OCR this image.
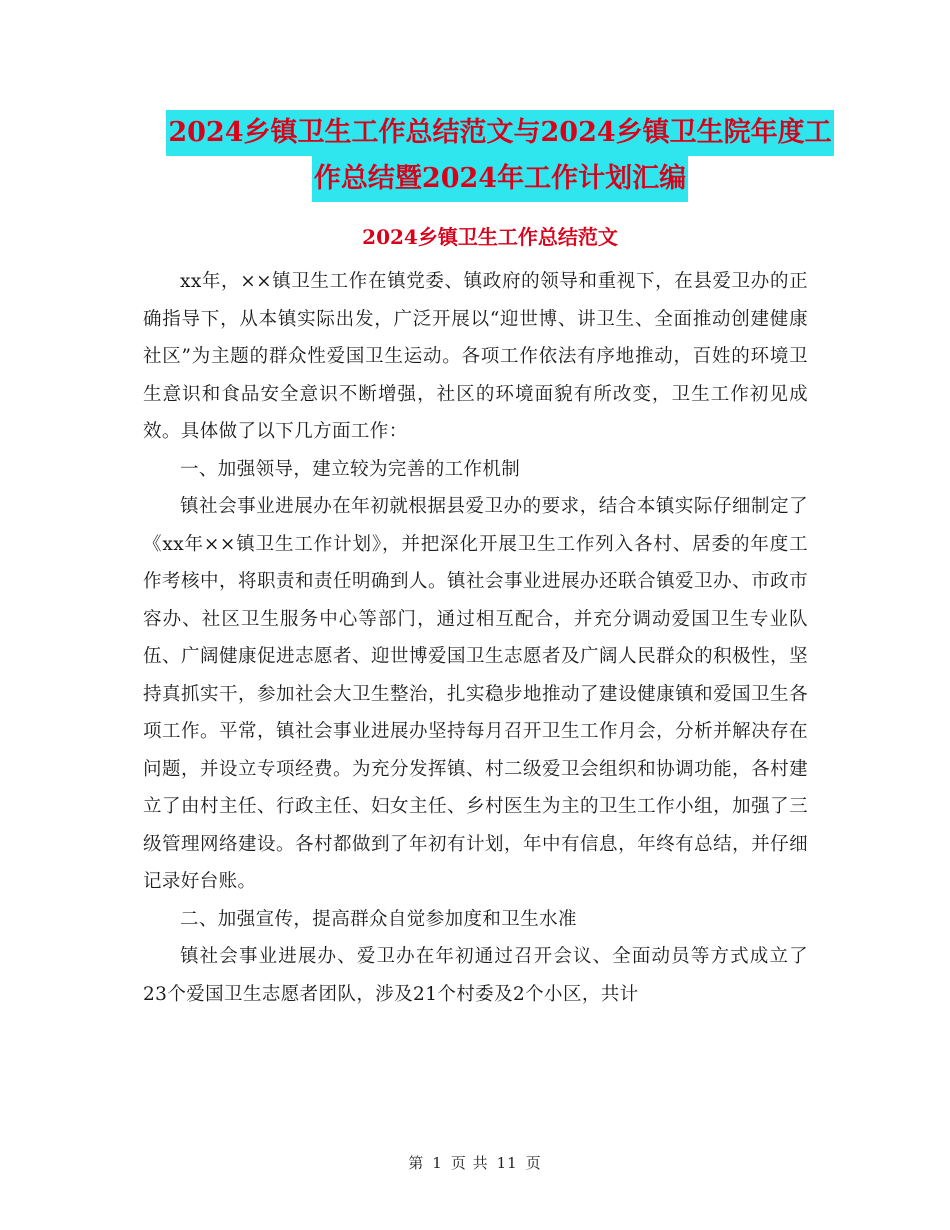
2024乡镇卫生工作总结范文与2024乡镇卫生院年度工
作总结暨2024年工作计划汇编
2024乡镇卫生工作总结范文

xx年，××镇卫生工作在镇党委、镇政府的领导和重视下，在县爱卫办的正确指导下，从本镇实际出发，广泛开展以“迎世博、讲卫生、全面推动创建健康社区”为主题的群众性爱国卫生运动。各项工作依法有序地推动，百姓的环境卫生意识和食品安全意识不断增强，社区的环境面貌有所改变，卫生工作初见成效。具体做了以下几方面工作：

一、加强领导，建立较为完善的工作机制

镇社会事业进展办在年初就根据县爱卫办的要求，结合本镇实际仔细制定了《xx年××镇卫生工作计划》，并把深化开展卫生工作列入各村、居委的年度工作考核中，将职责和责任明确到人。镇社会事业进展办还联合镇爱卫办、市政市容办、社区卫生服务中心等部门，通过相互配合，并充分调动爱国卫生专业队伍、广阔健康促进志愿者、迎世博爱国卫生志愿者及广阔人民群众的积极性，坚持真抓实干，参加社会大卫生整治，扎实稳步地推动了建设健康镇和爱国卫生各项工作。平常，镇社会事业进展办坚持每月召开卫生工作月会，分析并解决存在问题，并设立专项经费。为充分发挥镇、村二级爱卫会组织和协调功能，各村建立了由村主任、行政主任、妇女主任、乡村医生为主的卫生工作小组，加强了三级管理网络建设。各村都做到了年初有计划，年中有信息，年终有总结，并仔细记录好台账。

二、加强宣传，提高群众自觉参加度和卫生水准

镇社会事业进展办、爱卫办在年初通过召开会议、全面动员等方式成立了23个爱国卫生志愿者团队，涉及21个村委及2个小区，共计

第 1 页 共 11 页
